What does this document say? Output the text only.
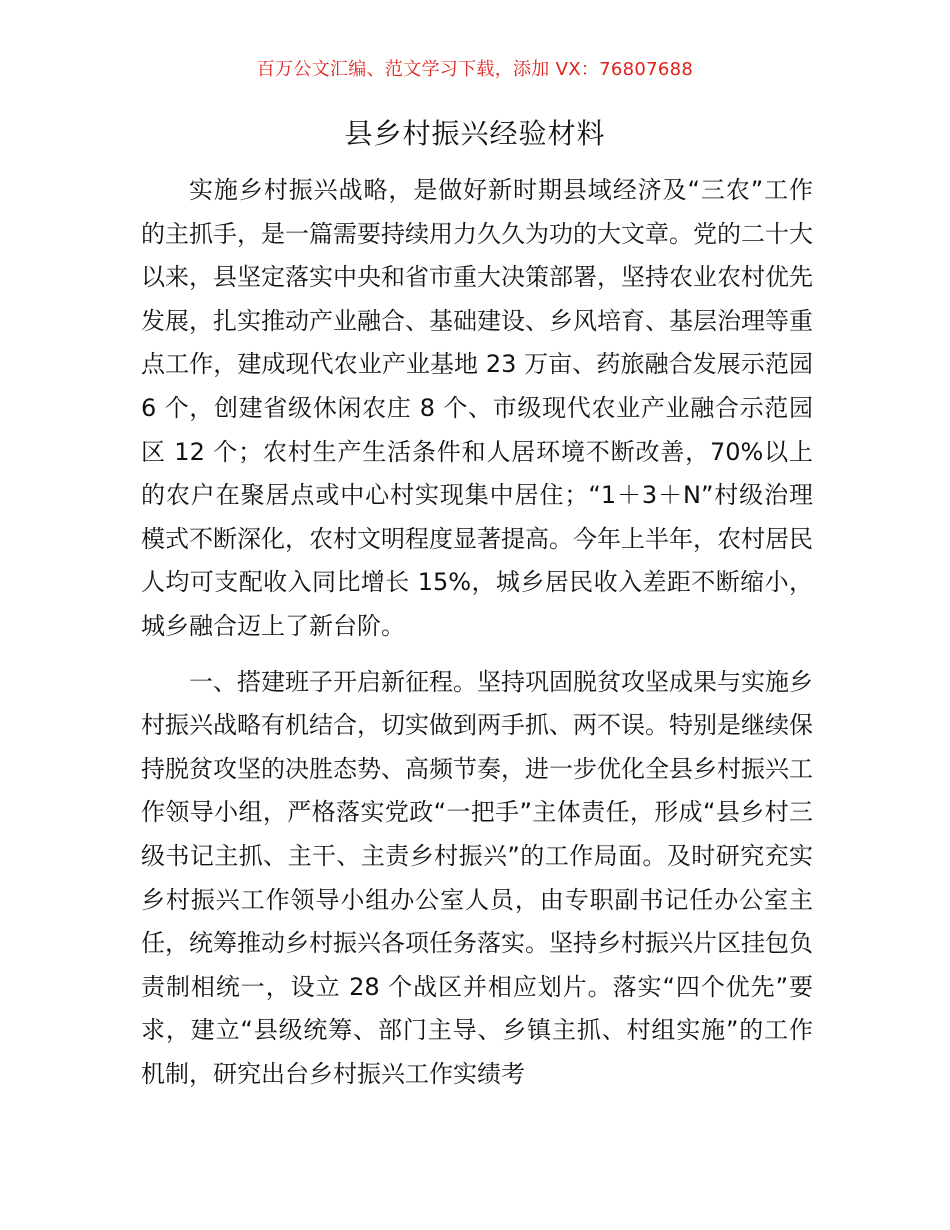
百万公文汇编、范文学习下载，添加 VX：76807688
县乡村振兴经验材料

实施乡村振兴战略，是做好新时期县域经济及“三农”工作的主抓手，是一篇需要持续用力久久为功的大文章。党的二十大以来，县坚定落实中央和省市重大决策部署，坚持农业农村优先发展，扎实推动产业融合、基础建设、乡风培育、基层治理等重点工作，建成现代农业产业基地 23 万亩、药旅融合发展示范园 6 个，创建省级休闲农庄 8 个、市级现代农业产业融合示范园区 12 个；农村生产生活条件和人居环境不断改善，70%以上的农户在聚居点或中心村实现集中居住；“1＋3＋N”村级治理模式不断深化，农村文明程度显著提高。今年上半年，农村居民人均可支配收入同比增长 15%，城乡居民收入差距不断缩小，城乡融合迈上了新台阶。

一、搭建班子开启新征程。坚持巩固脱贫攻坚成果与实施乡村振兴战略有机结合，切实做到两手抓、两不误。特别是继续保持脱贫攻坚的决胜态势、高频节奏，进一步优化全县乡村振兴工作领导小组，严格落实党政“一把手”主体责任，形成“县乡村三级书记主抓、主干、主责乡村振兴”的工作局面。及时研究充实乡村振兴工作领导小组办公室人员，由专职副书记任办公室主任，统筹推动乡村振兴各项任务落实。坚持乡村振兴片区挂包负责制相统一，设立 28 个战区并相应划片。落实“四个优先”要求，建立“县级统筹、部门主导、乡镇主抓、村组实施”的工作机制，研究出台乡村振兴工作实绩考
